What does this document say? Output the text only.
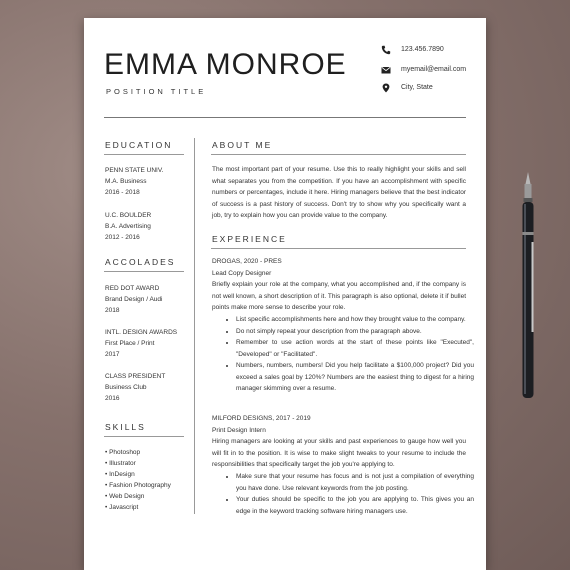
EMMA MONROE
POSITION TITLE
123.456.7890
myemail@email.com
City, State
EDUCATION
PENN STATE UNIV.
M.A. Business
2016 - 2018
U.C. BOULDER
B.A. Advertising
2012 - 2016
ACCOLADES
RED DOT AWARD
Brand Design / Audi
2018
INTL. DESIGN AWARDS
First Place / Print
2017
CLASS PRESIDENT
Business Club
2016
SKILLS
• Photoshop
• Illustrator
• InDesign
• Fashion Photography
• Web Design
• Javascript
ABOUT ME
The most important part of your resume. Use this to really highlight your skills and sell what separates you from the competition. If you have an accomplishment with specific numbers or percentages, include it here. Hiring managers believe that the best indicator of success is a past history of success. Don't try to show why you specifically want a job, try to explain how you can provide value to the company.
EXPERIENCE
DROGAS, 2020 - PRES
Lead Copy Designer
Briefly explain your role at the company, what you accomplished and, if the company is not well known, a short description of it. This paragraph is also optional, delete it if bullet points make more sense to describe your role.
• List specific accomplishments here and how they brought value to the company.
• Do not simply repeat your description from the paragraph above.
• Remember to use action words at the start of these points like "Executed", "Developed" or "Facilitated".
• Numbers, numbers, numbers! Did you help facilitate a $100,000 project? Did you exceed a sales goal by 120%? Numbers are the easiest thing to digest for a hiring manager skimming over a resume.
MILFORD DESIGNS, 2017 - 2019
Print Design Intern
Hiring managers are looking at your skills and past experiences to gauge how well you will fit in to the position. It is wise to make slight tweaks to your resume to include the responsibilities that specifically target the job you're applying to.
• Make sure that your resume has focus and is not just a compilation of everything you have done. Use relevant keywords from the job posting.
• Your duties should be specific to the job you are applying to. This gives you an edge in the keyword tracking software hiring managers use.
